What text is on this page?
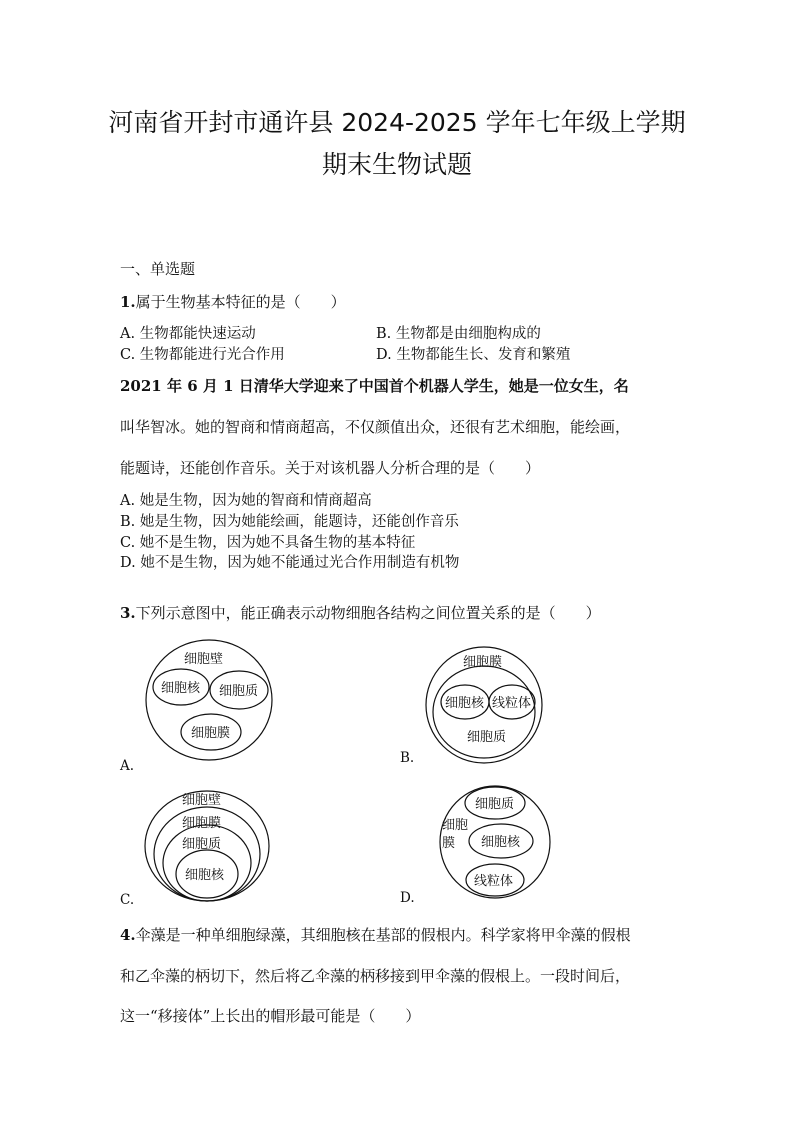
河南省开封市通许县 2024-2025 学年七年级上学期
期末生物试题
一、单选题
1.属于生物基本特征的是（　　）
A. 生物都能快速运动	B. 生物都是由细胞构成的
C. 生物都能进行光合作用	D. 生物都能生长、发育和繁殖
2021 年 6 月 1 日清华大学迎来了中国首个机器人学生，她是一位女生，名
叫华智冰。她的智商和情商超高，不仅颜值出众，还很有艺术细胞，能绘画，
能题诗，还能创作音乐。关于对该机器人分析合理的是（　　）
A. 她是生物，因为她的智商和情商超高
B. 她是生物，因为她能绘画，能题诗，还能创作音乐
C. 她不是生物，因为她不具备生物的基本特征
D. 她不是生物，因为她不能通过光合作用制造有机物
3.下列示意图中，能正确表示动物细胞各结构之间位置关系的是（　　）
细胞壁
细胞核 细胞质
细胞膜
A.
细胞膜
细胞核 线粒体
细胞质
B.
细胞壁
细胞膜
细胞质
细胞核
C.
细胞
膜
细胞质
细胞核
线粒体
D.
4.伞藻是一种单细胞绿藻，其细胞核在基部的假根内。科学家将甲伞藻的假根
和乙伞藻的柄切下，然后将乙伞藻的柄移接到甲伞藻的假根上。一段时间后，
这一“移接体”上长出的帽形最可能是（　　）
